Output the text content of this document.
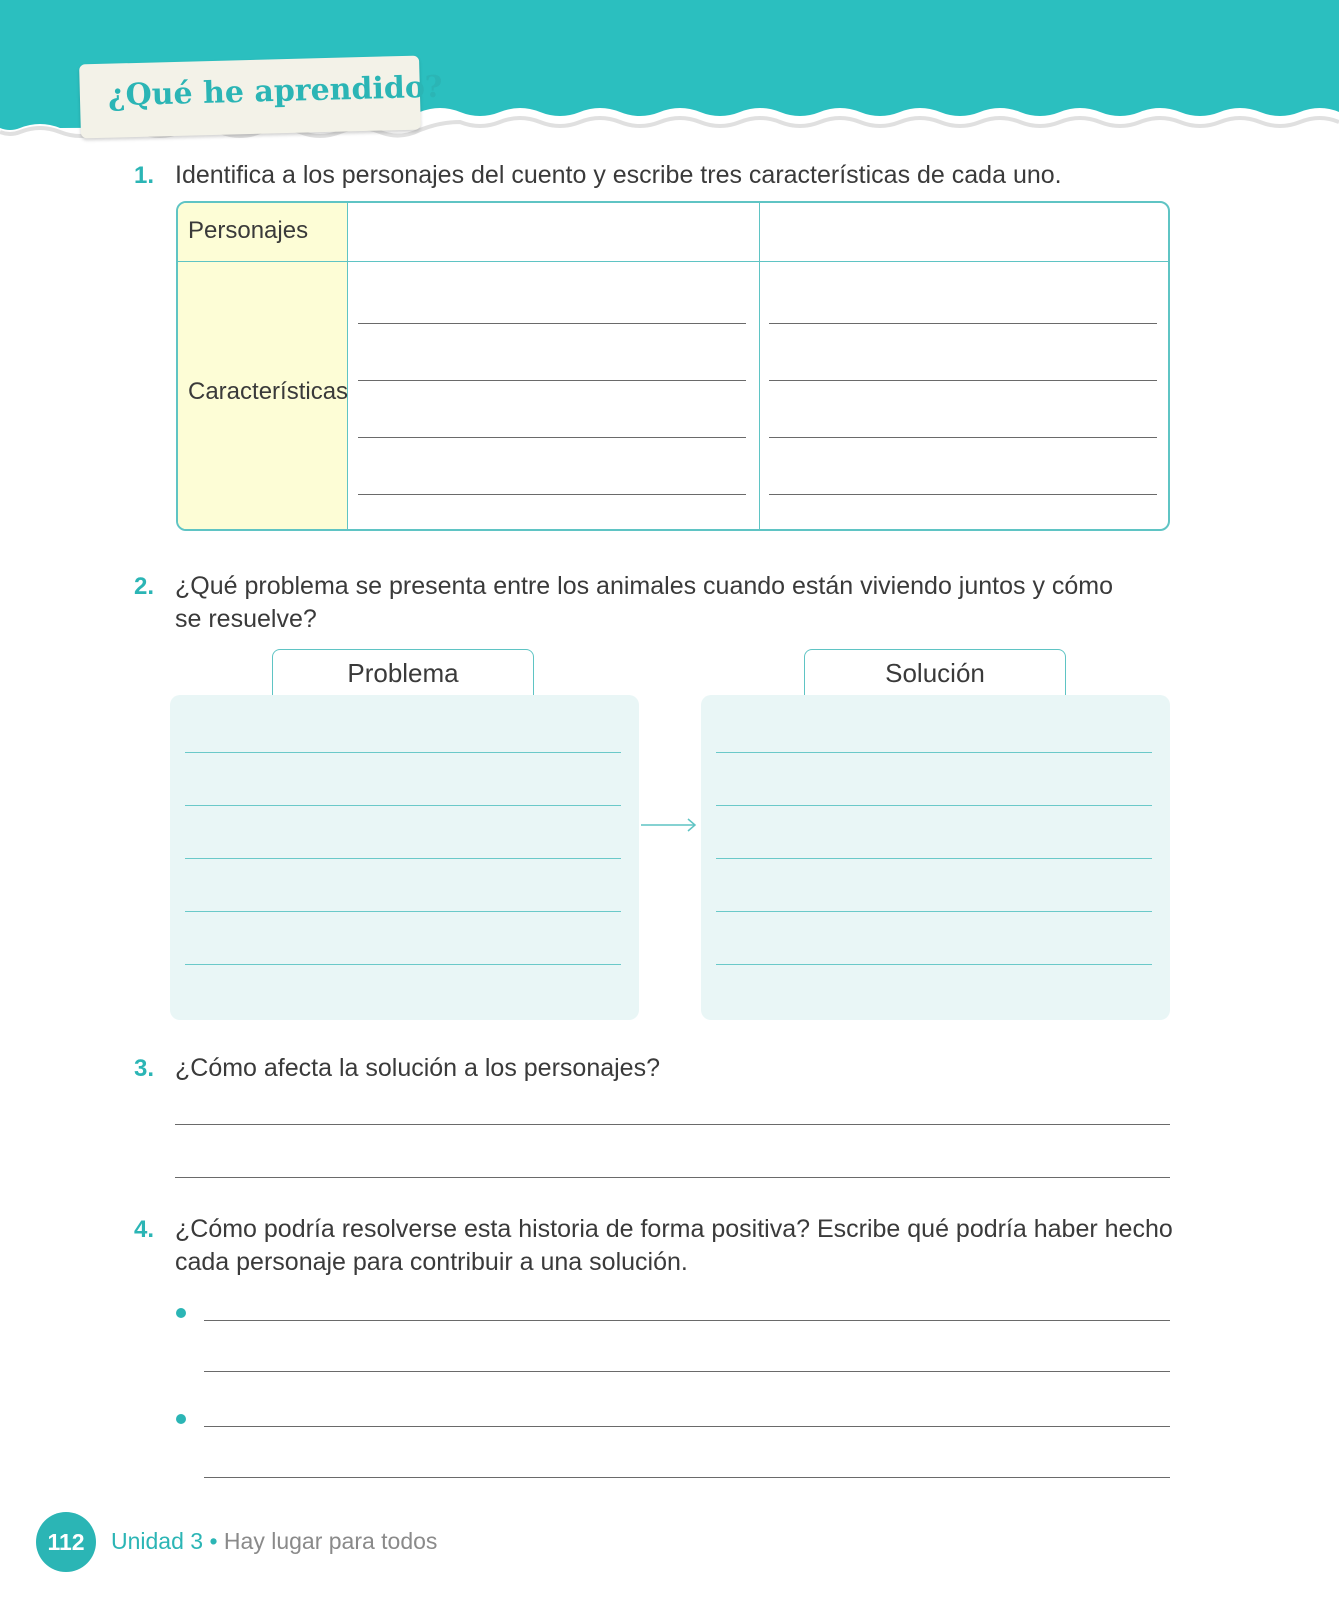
¿Qué he aprendido?
1. Identifica a los personajes del cuento y escribe tres características de cada uno.
Personajes
Características
2. ¿Qué problema se presenta entre los animales cuando están viviendo juntos y cómo
se resuelve?
Problema	Solución
3. ¿Cómo afecta la solución a los personajes?
4. ¿Cómo podría resolverse esta historia de forma positiva? Escribe qué podría haber hecho
cada personaje para contribuir a una solución.
112	Unidad 3 • Hay lugar para todos
